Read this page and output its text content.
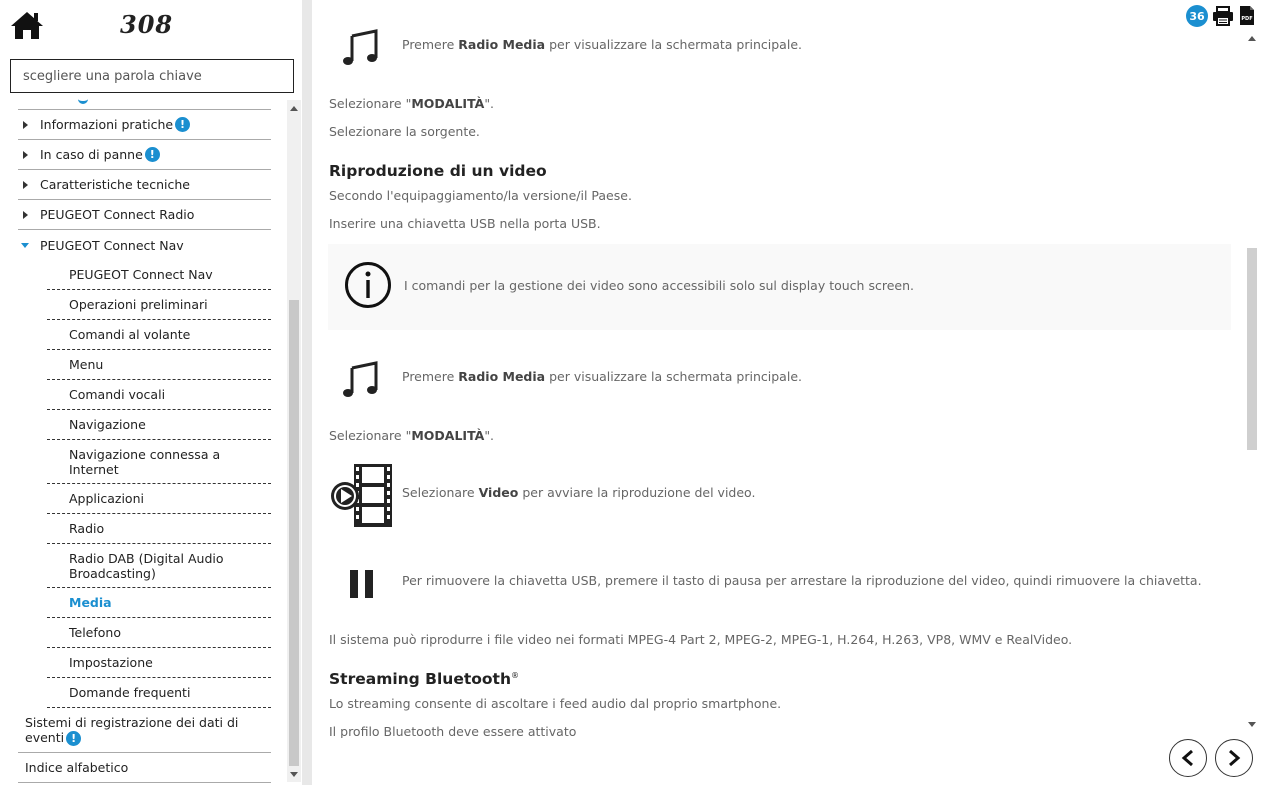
308
scegliere una parola chiave
Informazioni pratiche !
In caso di panne !
Caratteristiche tecniche
PEUGEOT Connect Radio
PEUGEOT Connect Nav
PEUGEOT Connect Nav
Operazioni preliminari
Comandi al volante
Menu
Comandi vocali
Navigazione
Navigazione connessa a Internet
Applicazioni
Radio
Radio DAB (Digital Audio Broadcasting)
Media
Telefono
Impostazione
Domande frequenti
Sistemi di registrazione dei dati di eventi !
Indice alfabetico
Premere Radio Media per visualizzare la schermata principale.
Selezionare "MODALITÀ".
Selezionare la sorgente.
Riproduzione di un video
Secondo l'equipaggiamento/la versione/il Paese.
Inserire una chiavetta USB nella porta USB.
I comandi per la gestione dei video sono accessibili solo sul display touch screen.
Premere Radio Media per visualizzare la schermata principale.
Selezionare "MODALITÀ".
Selezionare Video per avviare la riproduzione del video.
Per rimuovere la chiavetta USB, premere il tasto di pausa per arrestare la riproduzione del video, quindi rimuovere la chiavetta.
Il sistema può riprodurre i file video nei formati MPEG-4 Part 2, MPEG-2, MPEG-1, H.264, H.263, VP8, WMV e RealVideo.
Streaming Bluetooth®
Lo streaming consente di ascoltare i feed audio dal proprio smartphone.
Il profilo Bluetooth deve essere attivato
36	PDF
